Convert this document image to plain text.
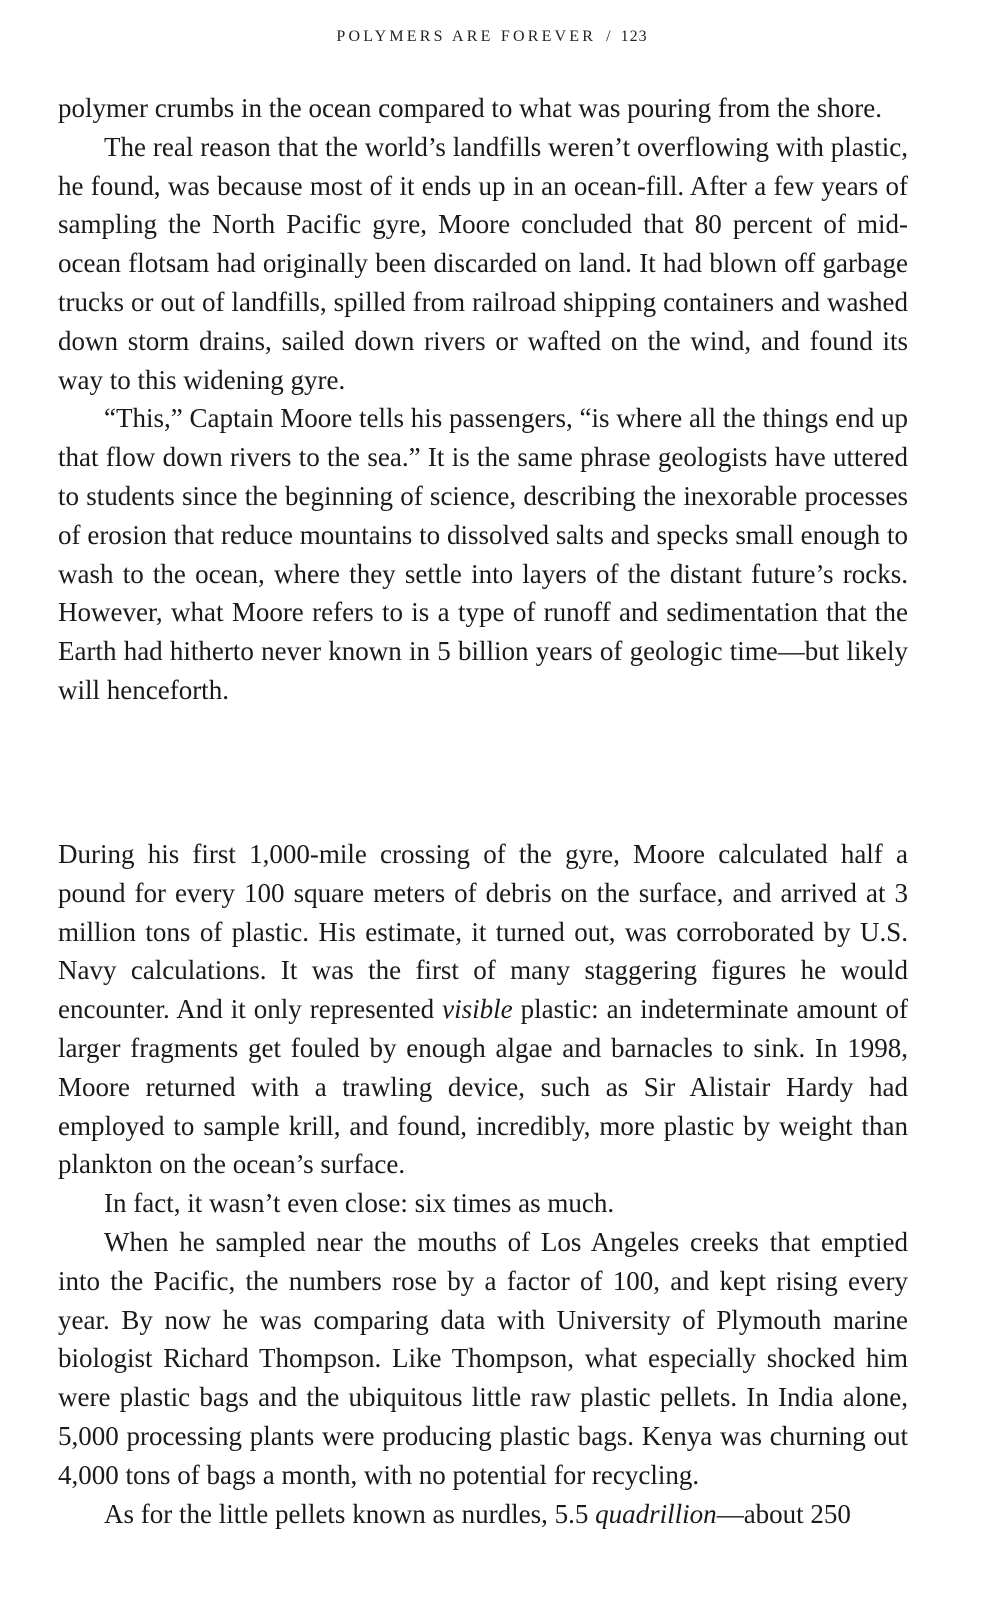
POLYMERS ARE FOREVER / 123

polymer crumbs in the ocean compared to what was pouring from the shore.

The real reason that the world’s landfills weren’t overflowing with plastic, he found, was because most of it ends up in an ocean-fill. After a few years of sampling the North Pacific gyre, Moore concluded that 80 percent of mid-ocean flotsam had originally been discarded on land. It had blown off garbage trucks or out of landfills, spilled from railroad shipping containers and washed down storm drains, sailed down rivers or wafted on the wind, and found its way to this widening gyre.

“This,” Captain Moore tells his passengers, “is where all the things end up that flow down rivers to the sea.” It is the same phrase geologists have uttered to students since the beginning of science, describing the inexorable processes of erosion that reduce mountains to dissolved salts and specks small enough to wash to the ocean, where they settle into layers of the distant future’s rocks. However, what Moore refers to is a type of runoff and sedimentation that the Earth had hitherto never known in 5 billion years of geologic time—but likely will henceforth.

During his first 1,000-mile crossing of the gyre, Moore calculated half a pound for every 100 square meters of debris on the surface, and arrived at 3 million tons of plastic. His estimate, it turned out, was corroborated by U.S. Navy calculations. It was the first of many staggering figures he would encounter. And it only represented visible plastic: an indeterminate amount of larger fragments get fouled by enough algae and barnacles to sink. In 1998, Moore returned with a trawling device, such as Sir Alistair Hardy had employed to sample krill, and found, incredibly, more plastic by weight than plankton on the ocean’s surface.

In fact, it wasn’t even close: six times as much.

When he sampled near the mouths of Los Angeles creeks that emptied into the Pacific, the numbers rose by a factor of 100, and kept rising every year. By now he was comparing data with University of Plymouth marine biologist Richard Thompson. Like Thompson, what especially shocked him were plastic bags and the ubiquitous little raw plastic pellets. In India alone, 5,000 processing plants were producing plastic bags. Kenya was churning out 4,000 tons of bags a month, with no potential for recycling.

As for the little pellets known as nurdles, 5.5 quadrillion—about 250
